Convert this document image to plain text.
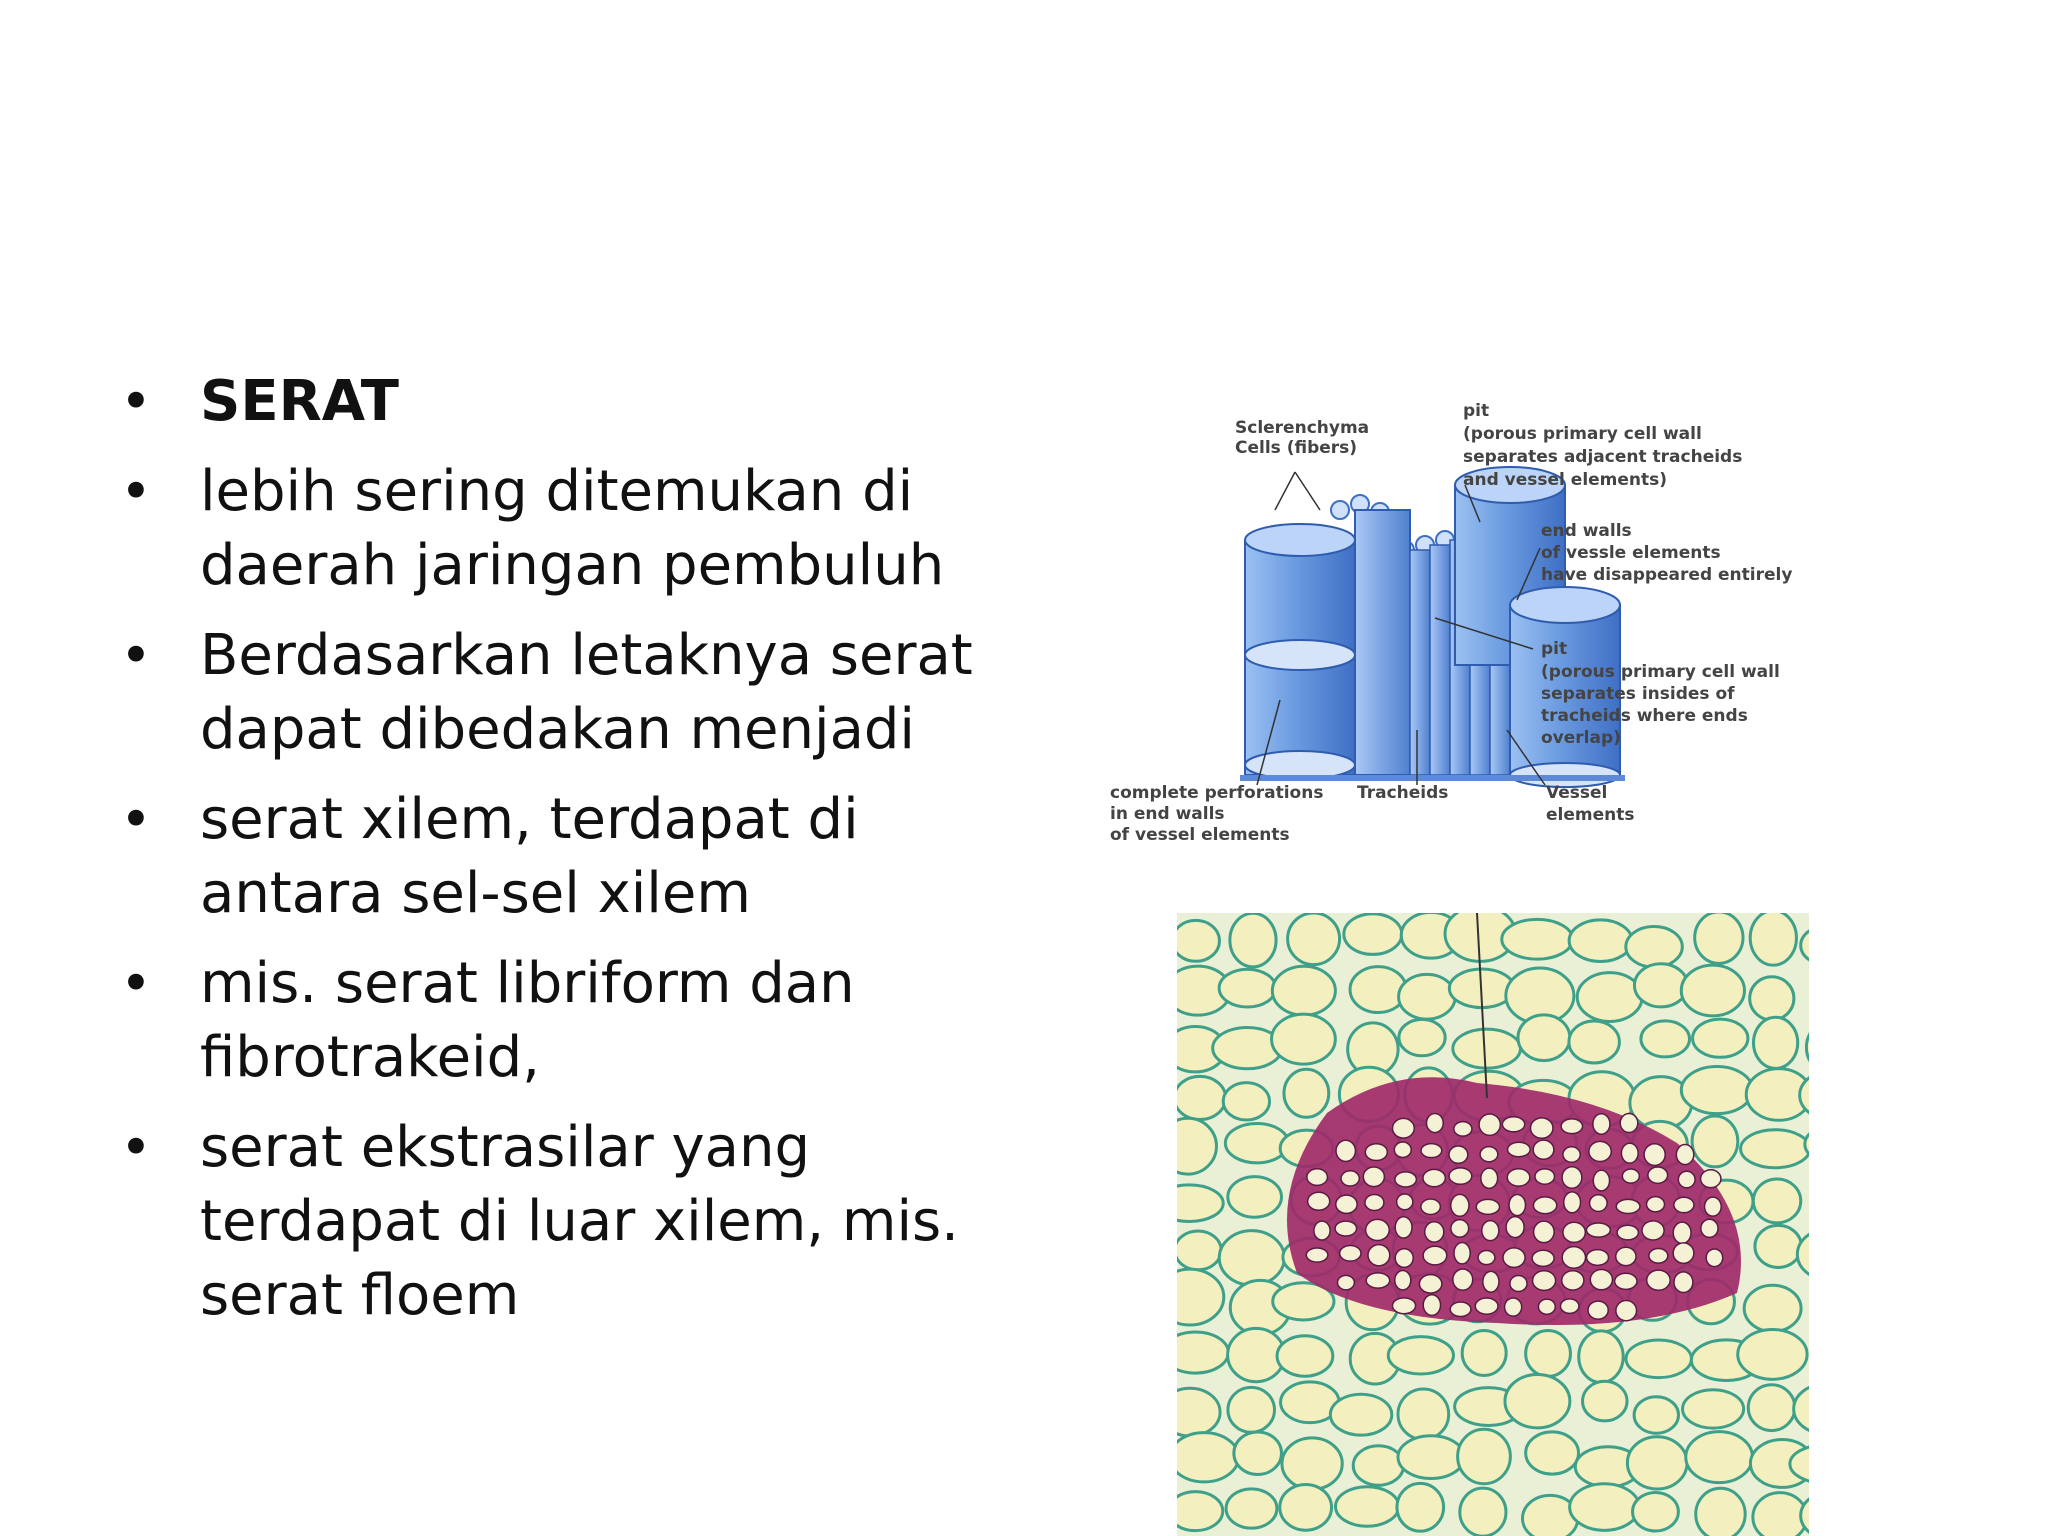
• SERAT
• lebih sering ditemukan di daerah jaringan pembuluh
• Berdasarkan letaknya serat dapat dibedakan menjadi
• serat xilem, terdapat di antara sel-sel xilem
• mis. serat libriform dan fibrotrakeid,
• serat ekstrasilar yang terdapat di luar xilem, mis. serat floem
Sclerenchyma Cells (fibers)
pit (porous primary cell wall separates adjacent tracheids and vessel elements)
end walls of vessle elements have disappeared entirely
pit (porous primary cell wall separates insides of tracheids where ends overlap)
complete perforations in end walls of vessel elements
Tracheids	Vessel elements
